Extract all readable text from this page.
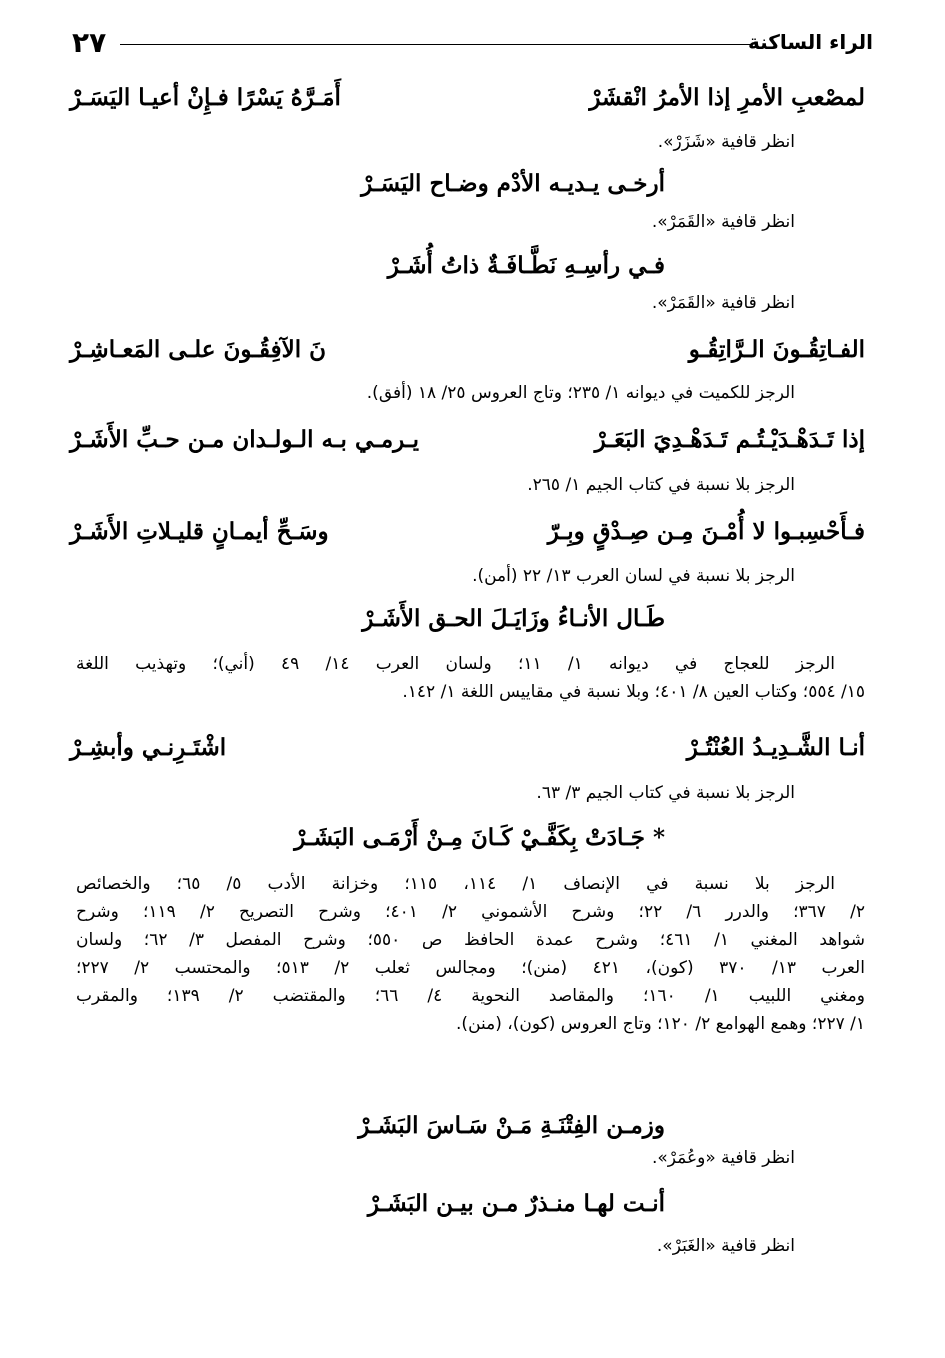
الراء الساكنة
٢٧
لمصْعبِ الأمرِ إذا الأمرُ انْقشَرْ
أَمَـرَّهُ يَسْرًا فـإِنْ أعيـا اليَسَـرْ
انظر قافية «شَزَرْ».
أرخـى يـديـه الأدْم وضـاح اليَسَـرْ
انظر قافية «القَمَرْ».
فـي رأسِـهِ نَطَّـافَـةٌ ذاتُ أُشَـرْ
انظر قافية «القَمَرْ».
الفـاتِقُـونَ الـرَّاتِقُـو
نَ الآفِقُـونَ علـى المَعـاشِـرْ
الرجز للكميت في ديوانه ١/ ٢٣٥؛ وتاج العروس ٢٥/ ١٨ (أفق).
إذا تَـدَهْـدَيْـتُـم تَـدَهْـدِيَ البَعَـرْ
يـرمـي بـه الـولـدان مـن حـبِّ الأَشَـرْ
الرجز بلا نسبة في كتاب الجيم ١/ ٢٦٥.
فـأَحْسِبـوا لا أُمْـنَ مِـن صِـدْقٍ وبِـرّ
وسَـحِّ أيمـانٍ قليـلاتِ الأَشَـرْ
الرجز بلا نسبة في لسان العرب ١٣/ ٢٢ (أمن).
طَـال الأنـاءُ وزَايَـلَ الحـق الأَشَـرْ
الرجز للعجاج في ديوانه ١/ ١١؛ ولسان العرب ١٤/ ٤٩ (أني)؛ وتهذيب اللغة
١٥/ ٥٥٤؛ وكتاب العين ٨/ ٤٠١؛ وبلا نسبة في مقاييس اللغة ١/ ١٤٢.
أنـا الشَّـدِيـدُ العُنْتُـرْ
اشْتَـرِنـي وأبشِـرْ
الرجز بلا نسبة في كتاب الجيم ٣/ ٦٣.
* جَـادَتْ بِكَفَّـيْ كَـانَ مِـنْ أَرْمَـى البَشَـرْ
الرجز بلا نسبة في الإنصاف ١/ ١١٤، ١١٥؛ وخزانة الأدب ٥/ ٦٥؛ والخصائص
٢/ ٣٦٧؛ والدرر ٦/ ٢٢؛ وشرح الأشموني ٢/ ٤٠١؛ وشرح التصريح ٢/ ١١٩؛ وشرح
شواهد المغني ١/ ٤٦١؛ وشرح عمدة الحافظ ص ٥٥٠؛ وشرح المفصل ٣/ ٦٢؛ ولسان
العرب ١٣/ ٣٧٠ (كون)، ٤٢١ (منن)؛ ومجالس ثعلب ٢/ ٥١٣؛ والمحتسب ٢/ ٢٢٧؛
ومغني اللبيب ١/ ١٦٠؛ والمقاصد النحوية ٤/ ٦٦؛ والمقتضب ٢/ ١٣٩؛ والمقرب
١/ ٢٢٧؛ وهمع الهوامع ٢/ ١٢٠؛ وتاج العروس (كون)، (منن).
وزمـن الفِتْنَـةِ مَـنْ سَـاسَ البَشَـرْ
انظر قافية «وعُمَرْ».
أنـت لهـا منـذرٌ مـن بيـن البَشَـرْ
انظر قافية «الغَبَرْ».
